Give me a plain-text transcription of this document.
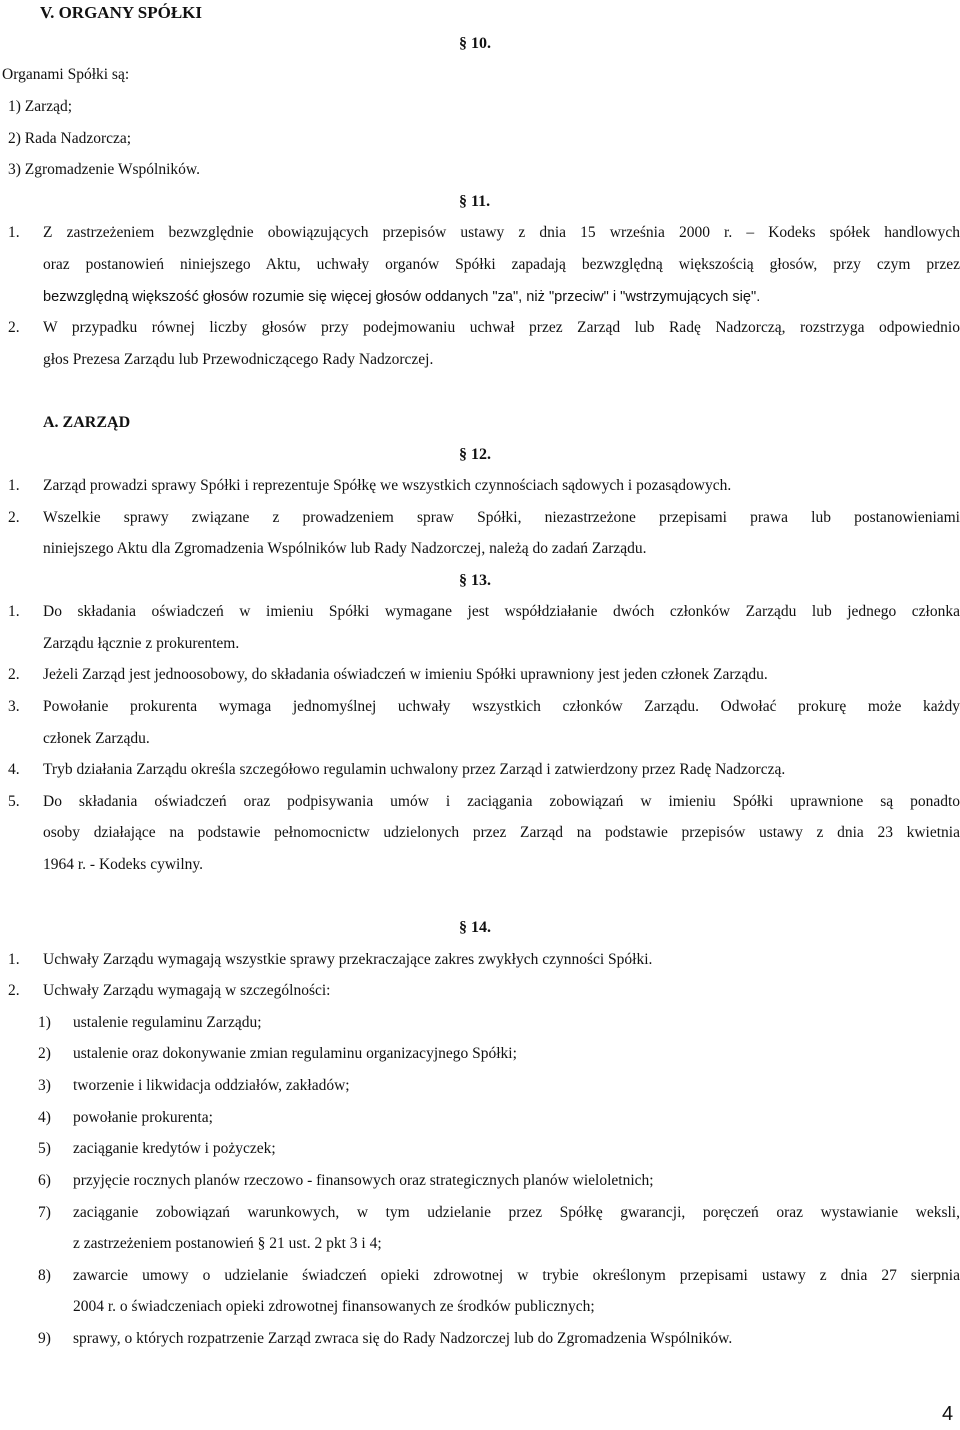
V. ORGANY SPÓŁKI
§ 10.
Organami Spółki są:
1) Zarząd;
2) Rada Nadzorcza;
3) Zgromadzenie Wspólników.
§ 11.
1. Z zastrzeżeniem bezwzględnie obowiązujących przepisów ustawy z dnia 15 września 2000 r. – Kodeks spółek handlowych
oraz postanowień niniejszego Aktu, uchwały organów Spółki zapadają bezwzględną większością głosów, przy czym przez
bezwzględną większość głosów rozumie się więcej głosów oddanych "za", niż "przeciw" i "wstrzymujących się".
2. W przypadku równej liczby głosów przy podejmowaniu uchwał przez Zarząd lub Radę Nadzorczą, rozstrzyga odpowiednio
głos Prezesa Zarządu lub Przewodniczącego Rady Nadzorczej.
A. ZARZĄD
§ 12.
1. Zarząd prowadzi sprawy Spółki i reprezentuje Spółkę we wszystkich czynnościach sądowych i pozasądowych.
2. Wszelkie sprawy związane z prowadzeniem spraw Spółki, niezastrzeżone przepisami prawa lub postanowieniami
niniejszego Aktu dla Zgromadzenia Wspólników lub Rady Nadzorczej, należą do zadań Zarządu.
§ 13.
1. Do składania oświadczeń w imieniu Spółki wymagane jest współdziałanie dwóch członków Zarządu lub jednego członka
Zarządu łącznie z prokurentem.
2. Jeżeli Zarząd jest jednoosobowy, do składania oświadczeń w imieniu Spółki uprawniony jest jeden członek Zarządu.
3. Powołanie prokurenta wymaga jednomyślnej uchwały wszystkich członków Zarządu. Odwołać prokurę może każdy
członek Zarządu.
4. Tryb działania Zarządu określa szczegółowo regulamin uchwalony przez Zarząd i zatwierdzony przez Radę Nadzorczą.
5. Do składania oświadczeń oraz podpisywania umów i zaciągania zobowiązań w imieniu Spółki uprawnione są ponadto
osoby działające na podstawie pełnomocnictw udzielonych przez Zarząd na podstawie przepisów ustawy z dnia 23 kwietnia
1964 r. - Kodeks cywilny.
§ 14.
1. Uchwały Zarządu wymagają wszystkie sprawy przekraczające zakres zwykłych czynności Spółki.
2. Uchwały Zarządu wymagają w szczególności:
1) ustalenie regulaminu Zarządu;
2) ustalenie oraz dokonywanie zmian regulaminu organizacyjnego Spółki;
3) tworzenie i likwidacja oddziałów, zakładów;
4) powołanie prokurenta;
5) zaciąganie kredytów i pożyczek;
6) przyjęcie rocznych planów rzeczowo - finansowych oraz strategicznych planów wieloletnich;
7) zaciąganie zobowiązań warunkowych, w tym udzielanie przez Spółkę gwarancji, poręczeń oraz wystawianie weksli,
z zastrzeżeniem postanowień § 21 ust. 2 pkt 3 i 4;
8) zawarcie umowy o udzielanie świadczeń opieki zdrowotnej w trybie określonym przepisami ustawy z dnia 27 sierpnia
2004 r. o świadczeniach opieki zdrowotnej finansowanych ze środków publicznych;
9) sprawy, o których rozpatrzenie Zarząd zwraca się do Rady Nadzorczej lub do Zgromadzenia Wspólników.
4
